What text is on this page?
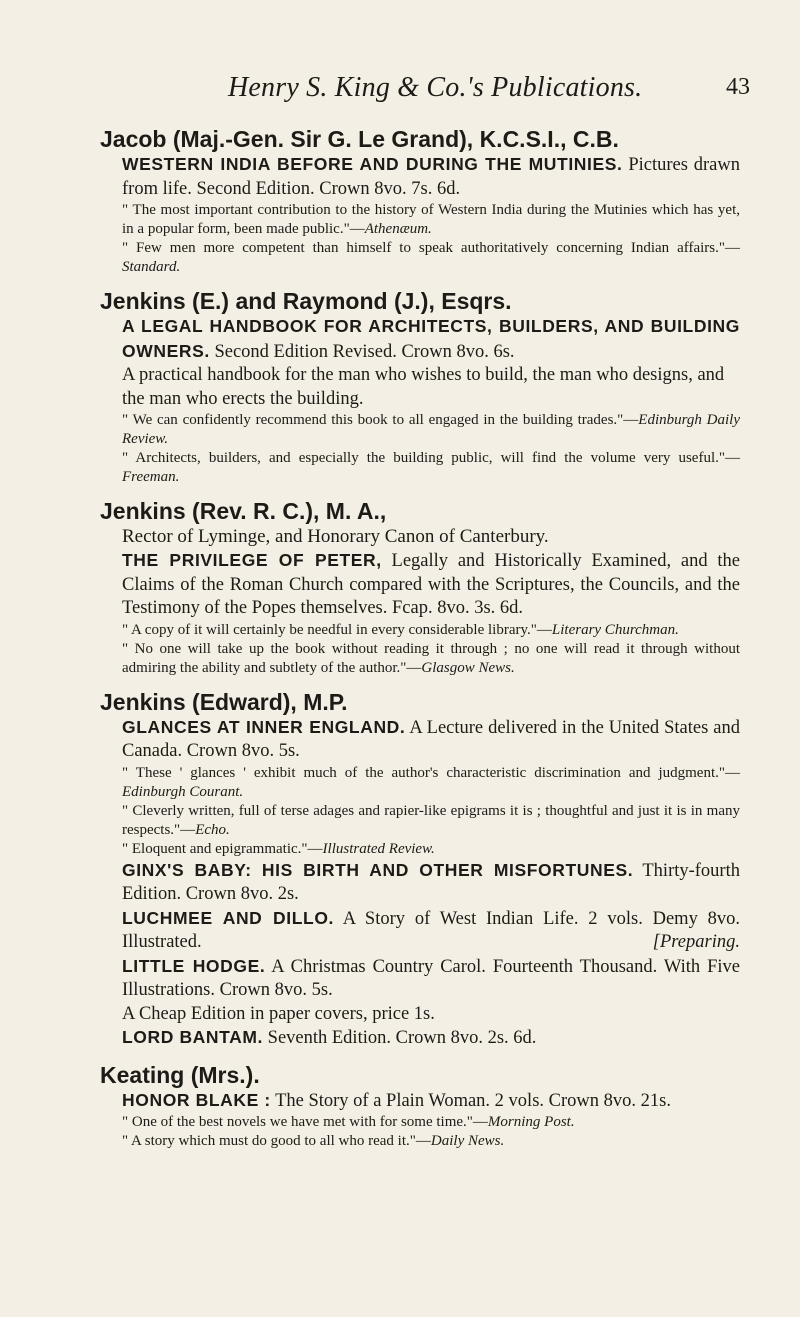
Henry S. King & Co.'s Publications.	43

Jacob (Maj.-Gen. Sir G. Le Grand), K.C.S.I., C.B.

WESTERN INDIA BEFORE AND DURING THE MUTINIES. Pictures drawn from life. Second Edition. Crown 8vo. 7s. 6d.

" The most important contribution to the history of Western India during the Mutinies which has yet, in a popular form, been made public."—Athenæum.

" Few men more competent than himself to speak authoritatively concerning Indian affairs."—Standard.

Jenkins (E.) and Raymond (J.), Esqrs.

A LEGAL HANDBOOK FOR ARCHITECTS, BUILDERS, AND BUILDING OWNERS. Second Edition Revised. Crown 8vo. 6s.

A practical handbook for the man who wishes to build, the man who designs, and the man who erects the building.

" We can confidently recommend this book to all engaged in the building trades."—Edinburgh Daily Review.

" Architects, builders, and especially the building public, will find the volume very useful."—Freeman.

Jenkins (Rev. R. C.), M. A.,
Rector of Lyminge, and Honorary Canon of Canterbury.

THE PRIVILEGE OF PETER, Legally and Historically Examined, and the Claims of the Roman Church compared with the Scriptures, the Councils, and the Testimony of the Popes themselves. Fcap. 8vo. 3s. 6d.

" A copy of it will certainly be needful in every considerable library."—Literary Churchman.

" No one will take up the book without reading it through ; no one will read it through without admiring the ability and subtlety of the author."—Glasgow News.

Jenkins (Edward), M.P.

GLANCES AT INNER ENGLAND. A Lecture delivered in the United States and Canada. Crown 8vo. 5s.

" These ' glances ' exhibit much of the author's characteristic discrimination and judgment."—Edinburgh Courant.

" Cleverly written, full of terse adages and rapier-like epigrams it is ; thoughtful and just it is in many respects."—Echo.

" Eloquent and epigrammatic."—Illustrated Review.

GINX'S BABY: HIS BIRTH AND OTHER MISFORTUNES. Thirty-fourth Edition. Crown 8vo. 2s.

LUCHMEE AND DILLO. A Story of West Indian Life. 2 vols. Demy 8vo. Illustrated.	[Preparing.

LITTLE HODGE. A Christmas Country Carol. Fourteenth Thousand. With Five Illustrations. Crown 8vo. 5s.

A Cheap Edition in paper covers, price 1s.

LORD BANTAM. Seventh Edition. Crown 8vo. 2s. 6d.

Keating (Mrs.).

HONOR BLAKE : The Story of a Plain Woman. 2 vols. Crown 8vo. 21s.

" One of the best novels we have met with for some time."—Morning Post.

" A story which must do good to all who read it."—Daily News.
